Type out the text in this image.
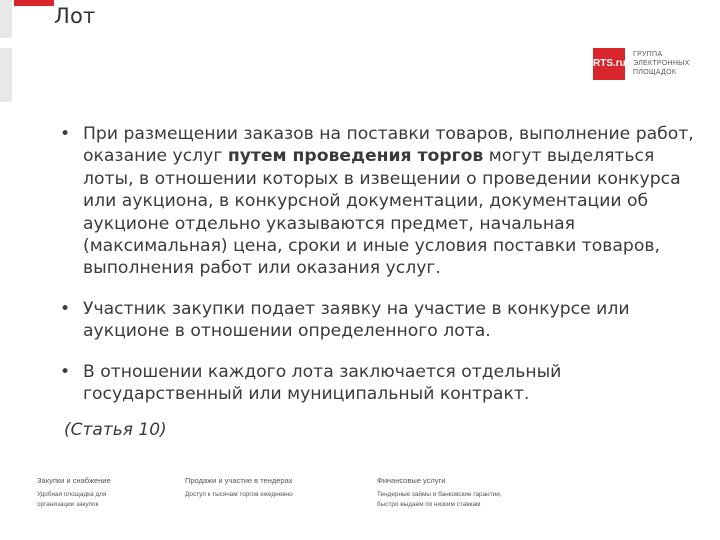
Лот
RTS.ru
ГРУППА
ЭЛЕКТРОННЫХ
ПЛОЩАДОК
• При размещении заказов на поставки товаров, выполнение работ, оказание услуг путем проведения торгов могут выделяться лоты, в отношении которых в извещении о проведении конкурса или аукциона, в конкурсной документации, документации об аукционе отдельно указываются предмет, начальная (максимальная) цена, сроки и иные условия поставки товаров, выполнения работ или оказания услуг.
• Участник закупки подает заявку на участие в конкурсе или аукционе в отношении определенного лота.
• В отношении каждого лота заключается отдельный государственный или муниципальный контракт.
(Статья 10)
Закупки и снабжение
Удобная площадка для
организации закупок
Продажи и участие в тендерах
Доступ к тысячам торгов ежедневно
Финансовые услуги
Тендерные займы и банковские гарантии,
быстро выдаем по низким ставкам
